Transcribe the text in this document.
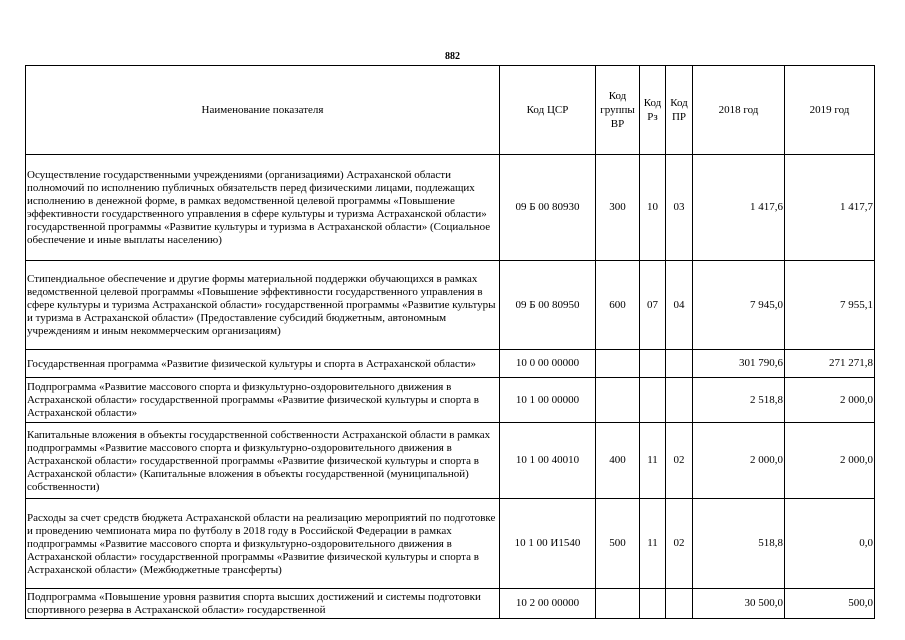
882
Наименование показателя	Код ЦСР	Код группы ВР	Код Рз	Код ПР	2018 год	2019 год
Осуществление государственными учреждениями (организациями) Астраханской области полномочий по исполнению публичных обязательств перед физическими лицами, подлежащих исполнению в денежной форме, в рамках ведомственной целевой программы «Повышение эффективности государственного управления в сфере культуры и туризма Астраханской области» государственной программы «Развитие культуры и туризма в Астраханской области» (Социальное обеспечение и иные выплаты населению)	09 Б 00 80930	300	10	03	1 417,6	1 417,7
Стипендиальное обеспечение и другие формы материальной поддержки обучающихся в рамках ведомственной целевой программы «Повышение эффективности государственного управления в сфере культуры и туризма Астраханской области» государственной программы «Развитие культуры и туризма в Астраханской области» (Предоставление субсидий бюджетным, автономным учреждениям и иным некоммерческим организациям)	09 Б 00 80950	600	07	04	7 945,0	7 955,1
Государственная программа «Развитие физической культуры и спорта в Астраханской области»	10 0 00 00000				301 790,6	271 271,8
Подпрограмма «Развитие массового спорта и физкультурно-оздоровительного движения в Астраханской области» государственной программы «Развитие физической культуры и спорта в Астраханской области»	10 1 00 00000				2 518,8	2 000,0
Капитальные вложения в объекты государственной собственности Астраханской области в рамках подпрограммы «Развитие массового спорта и физкультурно-оздоровительного движения в Астраханской области» государственной программы «Развитие физической культуры и спорта в Астраханской области» (Капитальные вложения в объекты государственной (муниципальной) собственности)	10 1 00 40010	400	11	02	2 000,0	2 000,0
Расходы за счет средств бюджета Астраханской области на реализацию мероприятий по подготовке и проведению чемпионата мира по футболу в 2018 году в Российской Федерации в рамках подпрограммы «Развитие массового спорта и физкультурно-оздоровительного движения в Астраханской области» государственной программы «Развитие физической культуры и спорта в Астраханской области» (Межбюджетные трансферты)	10 1 00 И1540	500	11	02	518,8	0,0
Подпрограмма «Повышение уровня развития спорта высших достижений и системы подготовки спортивного резерва в Астраханской области» государственной	10 2 00 00000				30 500,0	500,0
